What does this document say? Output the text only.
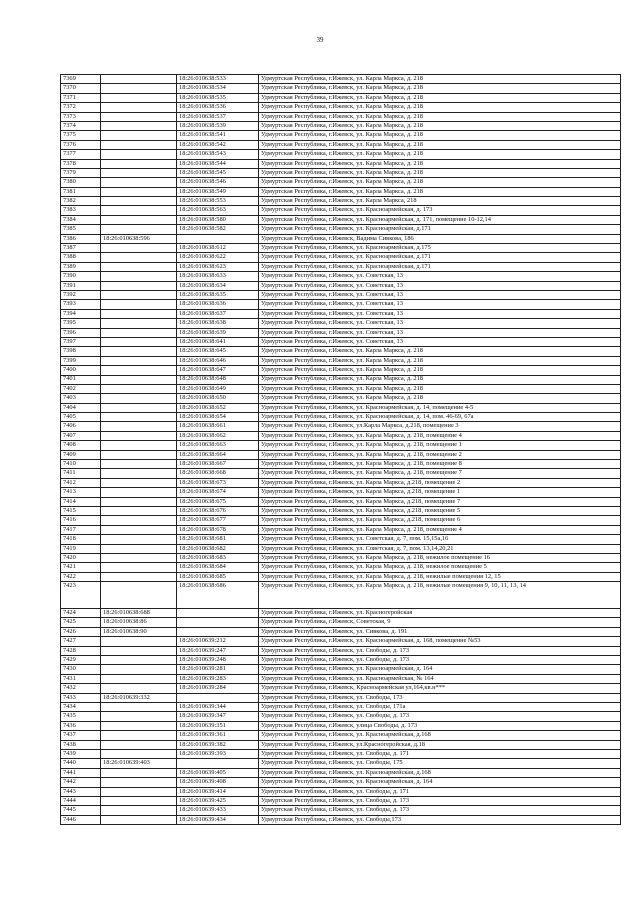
39
7369		18:26:010638:533	Удмуртская Республика, г.Ижевск, ул. Карла Маркса, д. 218
7370		18:26:010638:534	Удмуртская Республика, г.Ижевск, ул. Карла Маркса, д. 218
7371		18:26:010638:535	Удмуртская Республика, г.Ижевск, ул. Карла Маркса, д. 218
7372		18:26:010638:536	Удмуртская Республика, г.Ижевск, ул. Карла Маркса, д. 218
7373		18:26:010638:537	Удмуртская Республика, г.Ижевск, ул. Карла Маркса, д. 218
7374		18:26:010638:539	Удмуртская Республика, г.Ижевск, ул. Карла Маркса, д. 218
7375		18:26:010638:541	Удмуртская Республика, г.Ижевск, ул. Карла Маркса, д. 218
7376		18:26:010638:542	Удмуртская Республика, г.Ижевск, ул. Карла Маркса, д. 218
7377		18:26:010638:543	Удмуртская Республика, г.Ижевск, ул. Карла Маркса, д. 218
7378		18:26:010638:544	Удмуртская Республика, г.Ижевск, ул. Карла Маркса, д. 218
7379		18:26:010638:545	Удмуртская Республика, г.Ижевск, ул. Карла Маркса, д. 218
7380		18:26:010638:546	Удмуртская Республика, г.Ижевск, ул. Карла Маркса, д. 218
7381		18:26:010638:549	Удмуртская Республика, г.Ижевск, ул. Карла Маркса, д. 218
7382		18:26:010638:553	Удмуртская Республика, г.Ижевск, ул. Карла Маркса, 218
7383		18:26:010638:563	Удмуртская Республика, г.Ижевск, ул. Красноармейская, д. 173
7384		18:26:010638:580	Удмуртская Республика, г.Ижевск, ул. Красноармейская, д. 171, помещение 10-12,14
7385		18:26:010638:582	Удмуртская Республика, г.Ижевск, ул. Красноармейская, д.171
7386	18:26:010638:596		Удмуртская Республика, г.Ижевск, Вадима Сивкова, 186
7387		18:26:010638:612	Удмуртская Республика, г.Ижевск, ул. Красноармейская, д.175
7388		18:26:010638:622	Удмуртская Республика, г.Ижевск, ул. Красноармейская, д.171
7389		18:26:010638:623	Удмуртская Республика, г.Ижевск, ул. Красноармейская, д.171
7390		18:26:010638:633	Удмуртская Республика, г.Ижевск, ул. Советская, 13
7391		18:26:010638:634	Удмуртская Республика, г.Ижевск, ул. Советская, 13
7392		18:26:010638:635	Удмуртская Республика, г.Ижевск, ул. Советская, 13
7393		18:26:010638:636	Удмуртская Республика, г.Ижевск, ул. Советская, 13
7394		18:26:010638:637	Удмуртская Республика, г.Ижевск, ул. Советская, 13
7395		18:26:010638:638	Удмуртская Республика, г.Ижевск, ул. Советская, 13
7396		18:26:010638:639	Удмуртская Республика, г.Ижевск, ул. Советская, 13
7397		18:26:010638:641	Удмуртская Республика, г.Ижевск, ул. Советская, 13
7398		18:26:010638:645	Удмуртская Республика, г.Ижевск, ул. Карла Маркса, д. 218
7399		18:26:010638:646	Удмуртская Республика, г.Ижевск, ул. Карла Маркса, д. 218
7400		18:26:010638:647	Удмуртская Республика, г.Ижевск, ул. Карла Маркса, д. 218
7401		18:26:010638:648	Удмуртская Республика, г.Ижевск, ул. Карла Маркса, д. 218
7402		18:26:010638:649	Удмуртская Республика, г.Ижевск, ул. Карла Маркса, д. 218
7403		18:26:010638:650	Удмуртская Республика, г.Ижевск, ул. Карла Маркса, д. 218
7404		18:26:010638:652	Удмуртская Республика, г.Ижевск, ул. Красноармейская, д. 14, помещение 4-5
7405		18:26:010638:654	Удмуртская Республика, г.Ижевск, ул. Красноармейская, д. 14, пом. 46-69, 67а
7406		18:26:010638:661	Удмуртская Республика, г.Ижевск, ул.Карла Маркса, д.218, помещение 3
7407		18:26:010638:662	Удмуртская Республика, г.Ижевск, ул. Карла Маркса, д. 218, помещение 4
7408		18:26:010638:663	Удмуртская Республика, г.Ижевск, ул. Карла Маркса, д. 218, помещение 1
7409		18:26:010638:664	Удмуртская Республика, г.Ижевск, ул. Карла Маркса, д. 218, помещение 2
7410		18:26:010638:667	Удмуртская Республика, г.Ижевск, ул. Карла Маркса, д. 218, помещение 8
7411		18:26:010638:668	Удмуртская Республика, г.Ижевск, ул. Карла Маркса, д. 218, помещение 7
7412		18:26:010638:673	Удмуртская Республика, г.Ижевск, ул. Карла Маркса, д.218, помещение 2
7413		18:26:010638:674	Удмуртская Республика, г.Ижевск, ул. Карла Маркса, д.218, помещение 1
7414		18:26:010638:675	Удмуртская Республика, г.Ижевск, ул. Карла Маркса, д.218, помещение 7
7415		18:26:010638:676	Удмуртская Республика, г.Ижевск, ул. Карла Маркса, д.218, помещение 5
7416		18:26:010638:677	Удмуртская Республика, г.Ижевск, ул. Карла Маркса, д.218, помещение 6
7417		18:26:010638:678	Удмуртская Республика, г.Ижевск, ул. Карла Маркса, д. 218, помещение 4
7418		18:26:010638:681	Удмуртская Республика, г.Ижевск, ул. Советская, д. 7, пом. 15,15а,16
7419		18:26:010638:682	Удмуртская Республика, г.Ижевск, ул. Советская, д. 7, пом. 13,14,20,21
7420		18:26:010638:683	Удмуртская Республика, г.Ижевск, ул. Карла Маркса, д. 218, нежилое помещение 16
7421		18:26:010638:684	Удмуртская Республика, г.Ижевск, ул. Карла Маркса, д. 218, нежилое помещение 5
7422		18:26:010638:685	Удмуртская Республика, г.Ижевск, ул. Карла Маркса, д. 218, нежилые помещения 12, 15
7423		18:26:010638:686	Удмуртская Республика, г.Ижевск, ул. Карла Маркса, д. 218, нежилые помещения 9, 10, 11, 13, 14
7424	18:26:010638:688		Удмуртская Республика, г.Ижевск, ул. Красногеройская
7425	18:26:010638:86		Удмуртская Республика, г.Ижевск, Советская, 9
7426	18:26:010638:90		Удмуртская Республика, г.Ижевск, ул. Сивкова, д. 191
7427		18:26:010639:212	Удмуртская Республика, г.Ижевск, ул. Красноармейская, д. 168, помещение №53
7428		18:26:010639:247	Удмуртская Республика, г.Ижевск, ул. Свободы, д. 173
7429		18:26:010639:248	Удмуртская Республика, г.Ижевск, ул. Свободы, д. 173
7430		18:26:010639:281	Удмуртская Республика, г.Ижевск, ул. Красноармейская, д. 164
7431		18:26:010639:283	Удмуртская Республика, г.Ижевск, ул. Красноармейская, № 164
7432		18:26:010639:284	Удмуртская Республика, г.Ижевск, Красноармейская ул,164,кв.н***
7433	18:26:010639:332		Удмуртская Республика, г.Ижевск, ул. Свободы, 173
7434		18:26:010639:344	Удмуртская Республика, г.Ижевск, ул. Свободы, 171а
7435		18:26:010639:347	Удмуртская Республика, г.Ижевск, ул. Свободы, д. 173
7436		18:26:010639:351	Удмуртская Республика, г.Ижевск, улица Свободы, д. 173
7437		18:26:010639:361	Удмуртская Республика, г.Ижевск, ул. Красноармейская, д.168
7438		18:26:010639:382	Удмуртская Республика, г.Ижевск, ул.Красногеройская, д.18
7439		18:26:010639:393	Удмуртская Республика, г.Ижевск, ул. Свободы, д. 171
7440	18:26:010639:403		Удмуртская Республика, г.Ижевск, ул. Свободы, 175
7441		18:26:010639:405	Удмуртская Республика, г.Ижевск, ул. Красноармейская, д.168
7442		18:26:010639:408	Удмуртская Республика, г.Ижевск, ул. Красноармейская, д. 164
7443		18:26:010639:414	Удмуртская Республика, г.Ижевск, ул. Свободы, д. 171
7444		18:26:010639:425	Удмуртская Республика, г.Ижевск, ул. Свободы, д. 173
7445		18:26:010639:433	Удмуртская Республика, г.Ижевск, ул. Свободы, д. 173
7446		18:26:010639:434	Удмуртская Республика, г.Ижевск, ул. Свободы,173
